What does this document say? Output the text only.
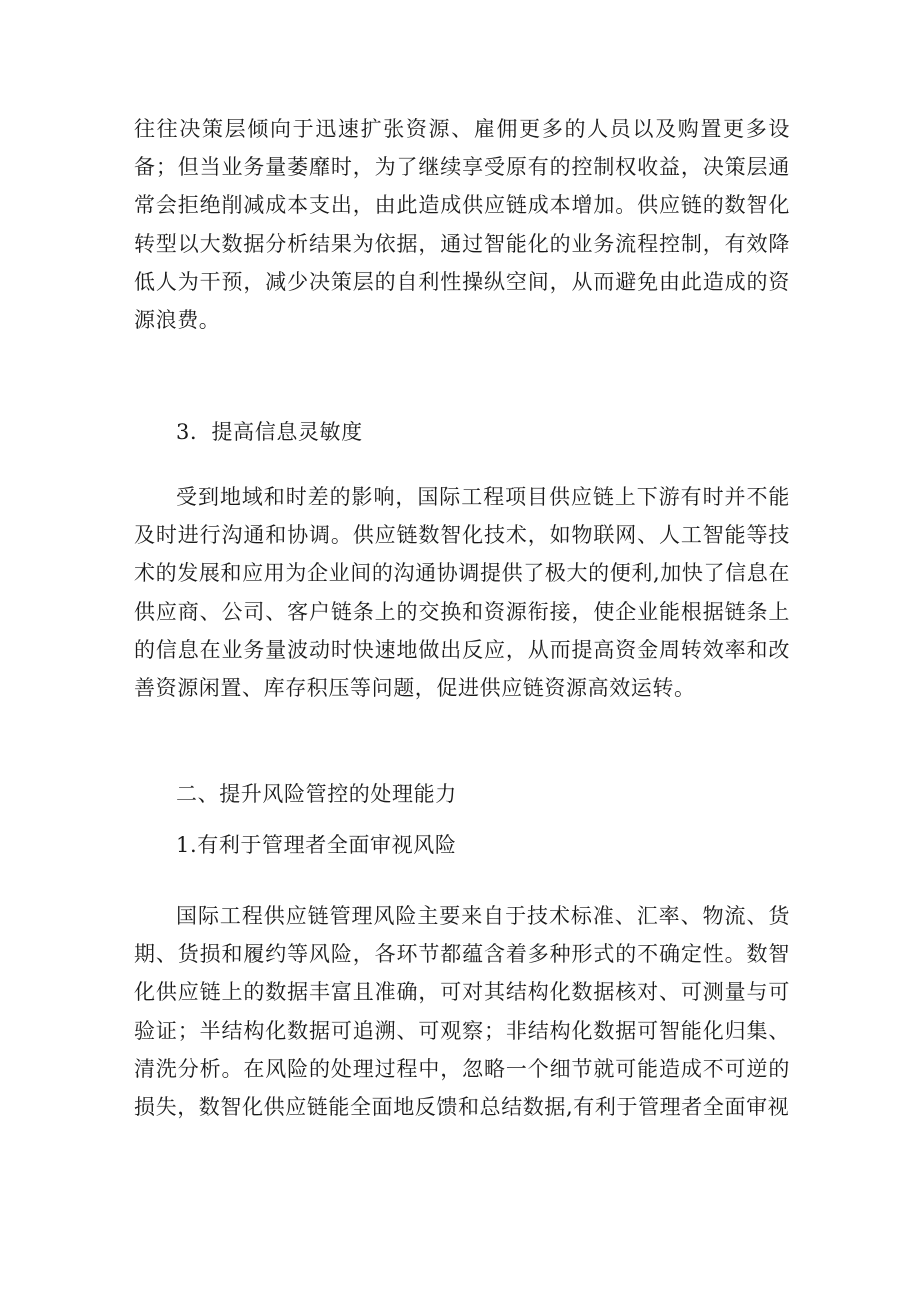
往往决策层倾向于迅速扩张资源、雇佣更多的人员以及购置更多设备；但当业务量萎靡时，为了继续享受原有的控制权收益，决策层通常会拒绝削减成本支出，由此造成供应链成本增加。供应链的数智化转型以大数据分析结果为依据，通过智能化的业务流程控制，有效降低人为干预，减少决策层的自利性操纵空间，从而避免由此造成的资源浪费。

3．提高信息灵敏度

受到地域和时差的影响，国际工程项目供应链上下游有时并不能及时进行沟通和协调。供应链数智化技术，如物联网、人工智能等技术的发展和应用为企业间的沟通协调提供了极大的便利,加快了信息在供应商、公司、客户链条上的交换和资源衔接，使企业能根据链条上的信息在业务量波动时快速地做出反应，从而提高资金周转效率和改善资源闲置、库存积压等问题，促进供应链资源高效运转。

二、提升风险管控的处理能力

1.有利于管理者全面审视风险

国际工程供应链管理风险主要来自于技术标准、汇率、物流、货期、货损和履约等风险，各环节都蕴含着多种形式的不确定性。数智化供应链上的数据丰富且准确，可对其结构化数据核对、可测量与可验证；半结构化数据可追溯、可观察；非结构化数据可智能化归集、清洗分析。在风险的处理过程中，忽略一个细节就可能造成不可逆的损失，数智化供应链能全面地反馈和总结数据,有利于管理者全面审视
